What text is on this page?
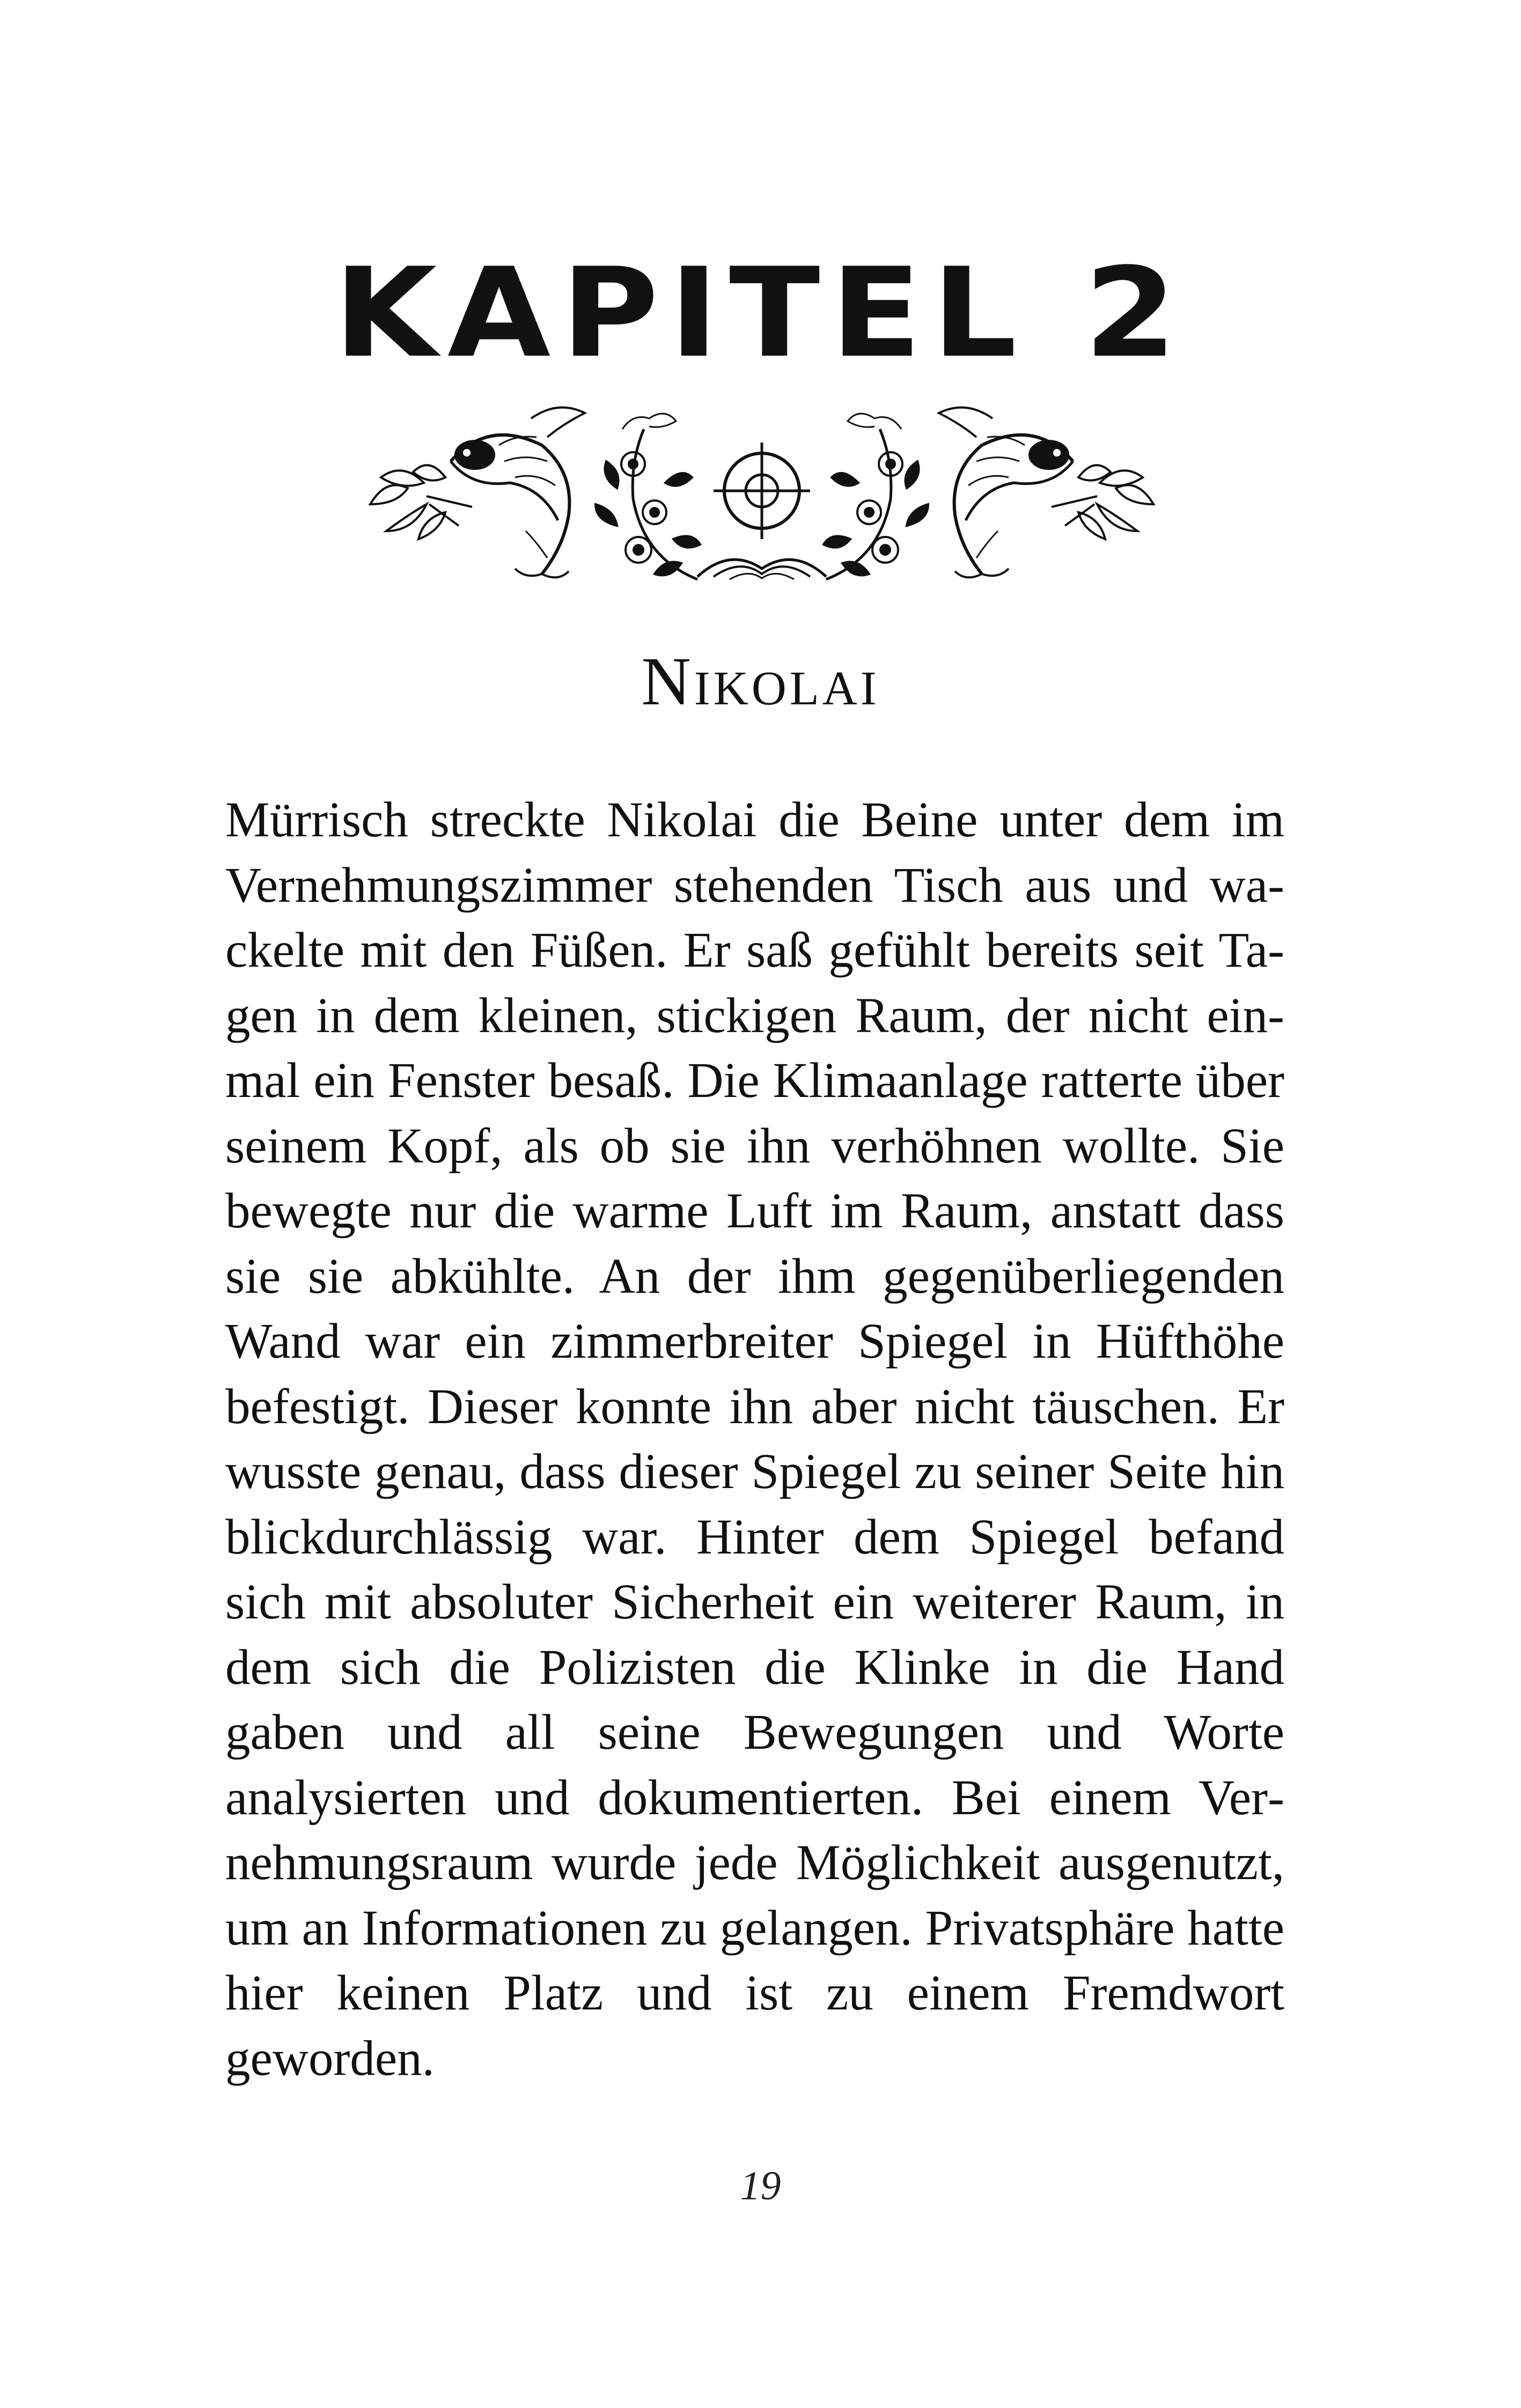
KAPITEL 2
Nikolai
Mürrisch streckte Nikolai die Beine unter dem im Vernehmungszimmer stehenden Tisch aus und wackelte mit den Füßen. Er saß gefühlt bereits seit Tagen in dem kleinen, stickigen Raum, der nicht einmal ein Fenster besaß. Die Klimaanlage ratterte über seinem Kopf, als ob sie ihn verhöhnen wollte. Sie bewegte nur die warme Luft im Raum, anstatt dass sie sie abkühlte. An der ihm gegenüberliegenden Wand war ein zimmerbreiter Spiegel in Hüfthöhe befestigt. Dieser konnte ihn aber nicht täuschen. Er wusste genau, dass dieser Spiegel zu seiner Seite hin blickdurchlässig war. Hinter dem Spiegel befand sich mit absoluter Sicherheit ein weiterer Raum, in dem sich die Polizisten die Klinke in die Hand gaben und all seine Bewegungen und Worte analysierten und dokumentierten. Bei einem Vernehmungsraum wurde jede Möglichkeit ausgenutzt, um an Informationen zu gelangen. Privatsphäre hatte hier keinen Platz und ist zu einem Fremdwort geworden.
19
